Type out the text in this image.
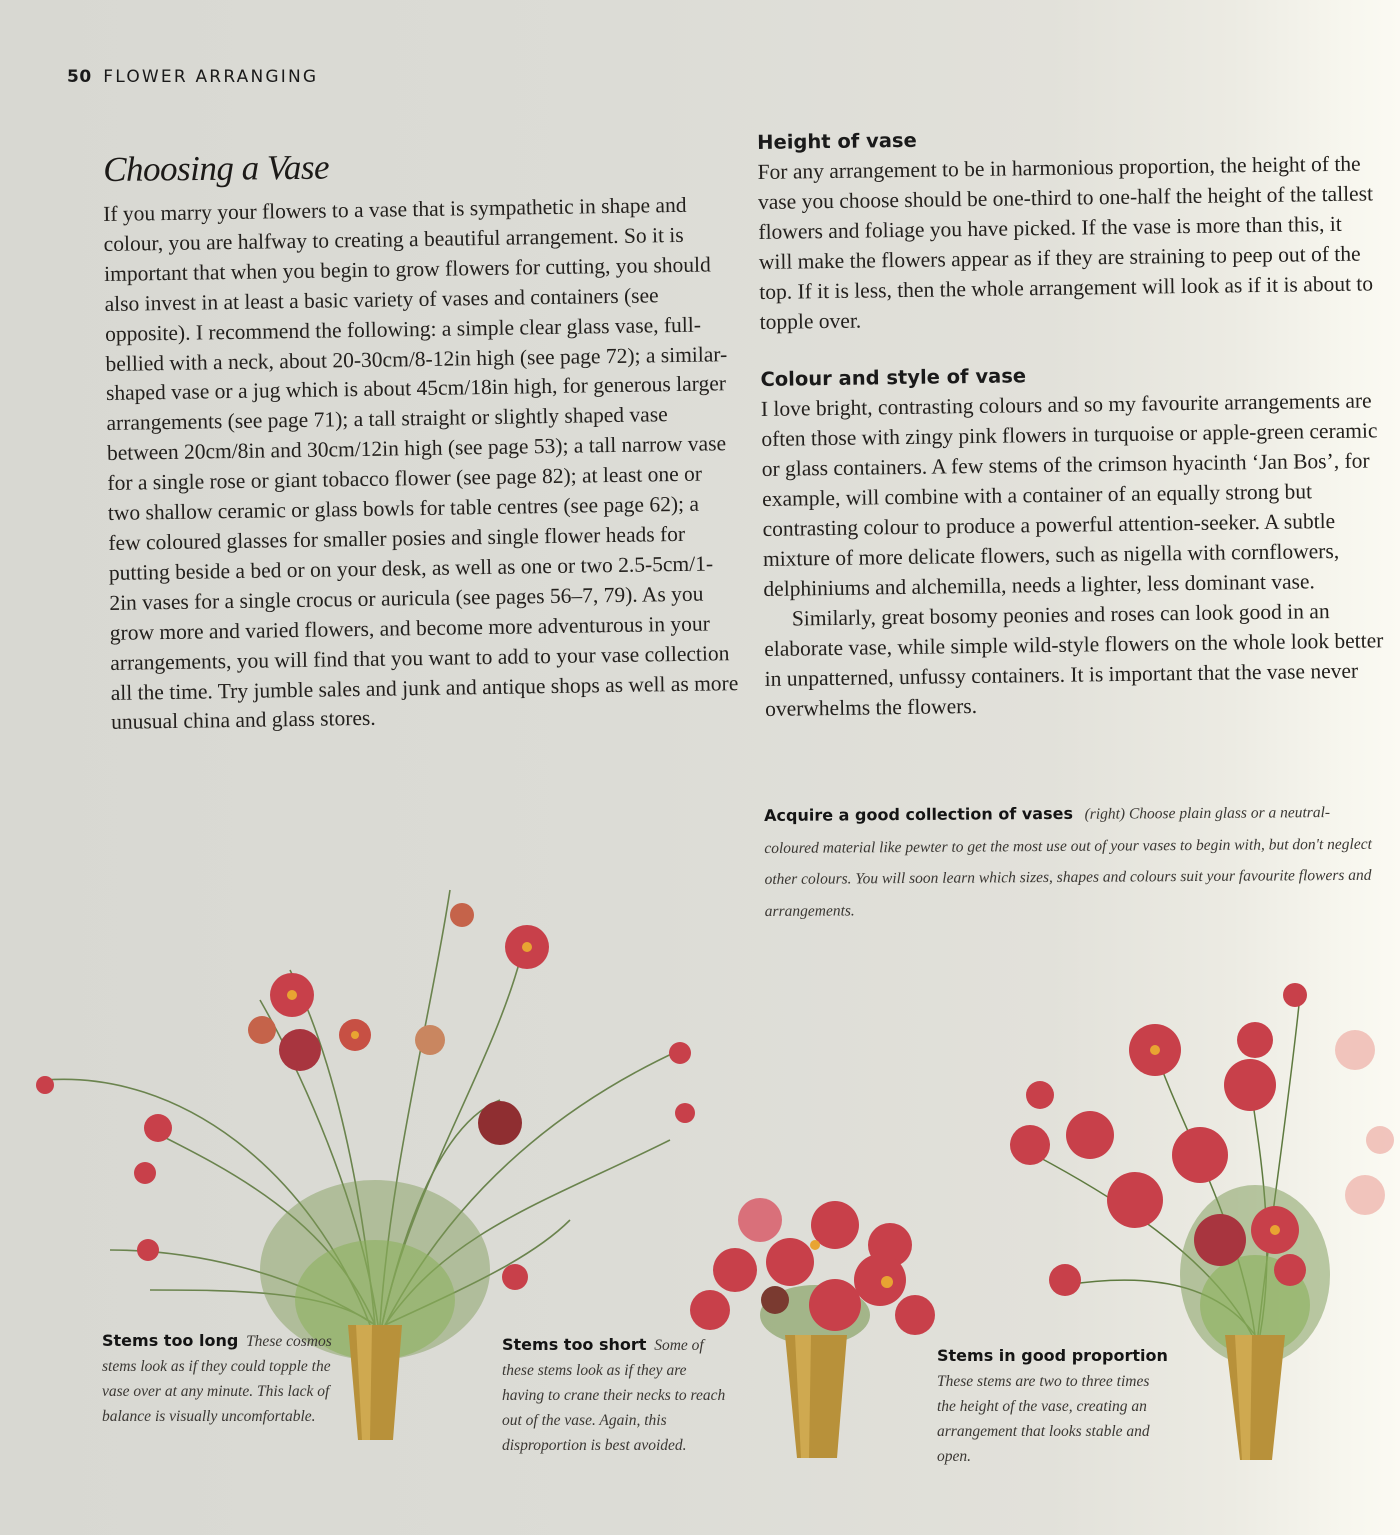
50 FLOWER ARRANGING
Choosing a Vase

If you marry your flowers to a vase that is sympathetic in shape and colour, you are halfway to creating a beautiful arrangement. So it is important that when you begin to grow flowers for cutting, you should also invest in at least a basic variety of vases and containers (see opposite). I recommend the following: a simple clear glass vase, full-bellied with a neck, about 20-30cm/8-12in high (see page 72); a similar-shaped vase or a jug which is about 45cm/18in high, for generous larger arrangements (see page 71); a tall straight or slightly shaped vase between 20cm/8in and 30cm/12in high (see page 53); a tall narrow vase for a single rose or giant tobacco flower (see page 82); at least one or two shallow ceramic or glass bowls for table centres (see page 62); a few coloured glasses for smaller posies and single flower heads for putting beside a bed or on your desk, as well as one or two 2.5-5cm/1-2in vases for a single crocus or auricula (see pages 56–7, 79). As you grow more and varied flowers, and become more adventurous in your arrangements, you will find that you want to add to your vase collection all the time. Try jumble sales and junk and antique shops as well as more unusual china and glass stores.

Height of vase

For any arrangement to be in harmonious proportion, the height of the vase you choose should be one-third to one-half the height of the tallest flowers and foliage you have picked. If the vase is more than this, it will make the flowers appear as if they are straining to peep out of the top. If it is less, then the whole arrangement will look as if it is about to topple over.

Colour and style of vase

I love bright, contrasting colours and so my favourite arrangements are often those with zingy pink flowers in turquoise or apple-green ceramic or glass containers. A few stems of the crimson hyacinth ‘Jan Bos’, for example, will combine with a container of an equally strong but contrasting colour to produce a powerful attention-seeker. A subtle mixture of more delicate flowers, such as nigella with cornflowers, delphiniums and alchemilla, needs a lighter, less dominant vase.

Similarly, great bosomy peonies and roses can look good in an elaborate vase, while simple wild-style flowers on the whole look better in unpatterned, unfussy containers. It is important that the vase never overwhelms the flowers.

Acquire a good collection of vases (right) Choose plain glass or a neutral-coloured material like pewter to get the most use out of your vases to begin with, but don't neglect other colours. You will soon learn which sizes, shapes and colours suit your favourite flowers and arrangements.
Stems too long These cosmos stems look as if they could topple the vase over at any minute. This lack of balance is visually uncomfortable.
Stems too short Some of these stems look as if they are having to crane their necks to reach out of the vase. Again, this disproportion is best avoided.
Stems in good proportion  These stems are two to three times the height of the vase, creating an arrangement that looks stable and open.
